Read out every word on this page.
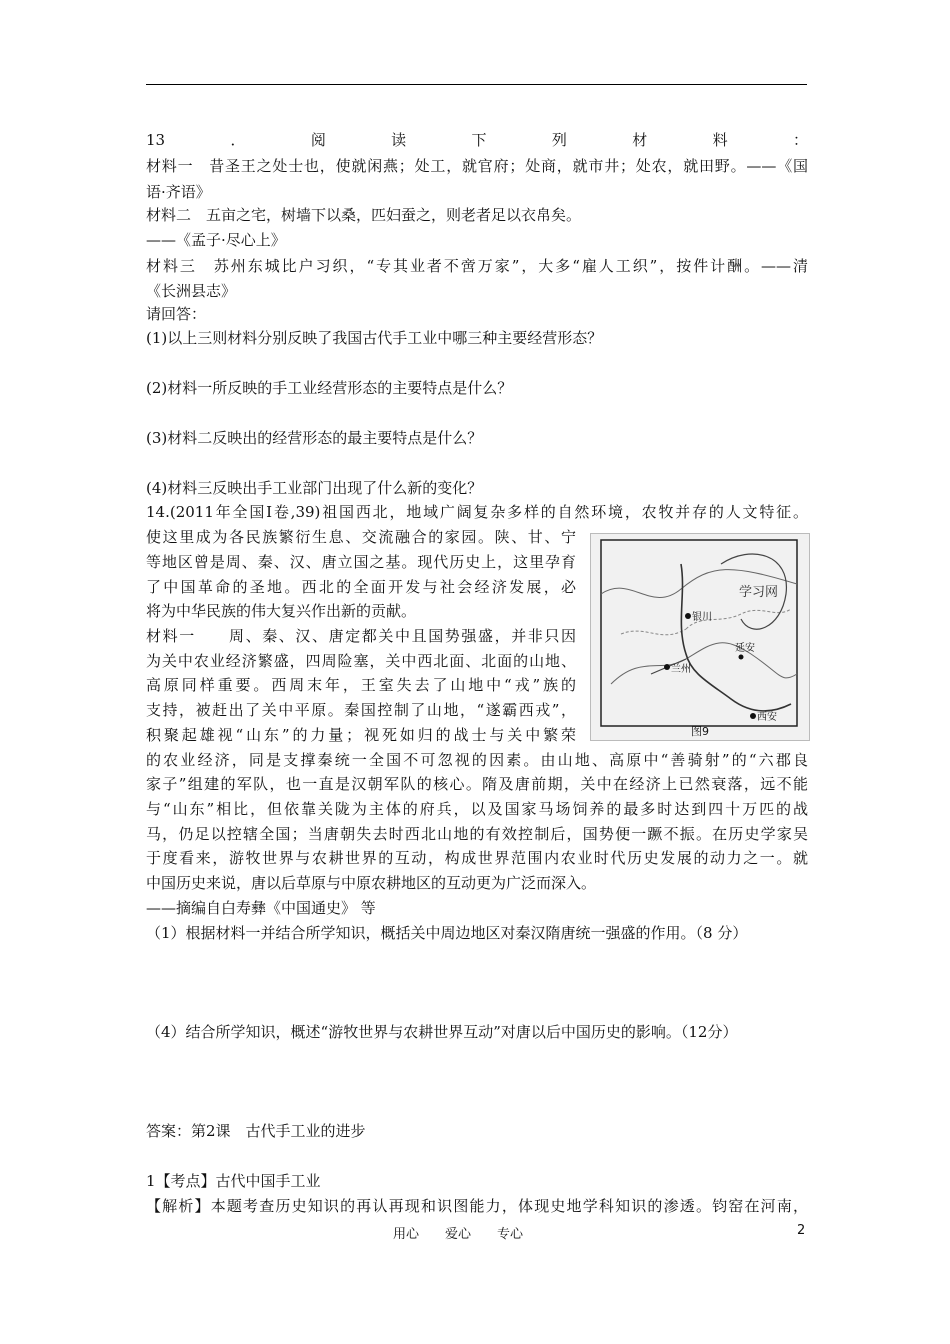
13．阅读下列材料：
材料一　昔圣王之处士也，使就闲燕；处工，就官府；处商，就市井；处农，就田野。——《国
语·齐语》
材料二　五亩之宅，树墙下以桑，匹妇蚕之，则老者足以衣帛矣。
——《孟子·尽心上》
材料三　苏州东城比户习织，“专其业者不啻万家”，大多“雇人工织”，按件计酬。——清
《长洲县志》
请回答：
(1)以上三则材料分别反映了我国古代手工业中哪三种主要经营形态？
(2)材料一所反映的手工业经营形态的主要特点是什么？
(3)材料二反映出的经营形态的最主要特点是什么？
(4)材料三反映出手工业部门出现了什么新的变化？
14.(2011年全国Ⅰ卷,39)祖国西北，地域广阔复杂多样的自然环境，农牧并存的人文特征。
使这里成为各民族繁衍生息、交流融合的家园。陕、甘、宁
等地区曾是周、秦、汉、唐立国之基。现代历史上，这里孕育
了中国革命的圣地。西北的全面开发与社会经济发展，必
将为中华民族的伟大复兴作出新的贡献。
材料一　　周、秦、汉、唐定都关中且国势强盛，并非只因
为关中农业经济繁盛，四周险塞，关中西北面、北面的山地、
高原同样重要。西周末年，王室失去了山地中“戎”族的
支持，被赶出了关中平原。秦国控制了山地，“遂霸西戎”，
积聚起雄视“山东”的力量；视死如归的战士与关中繁荣
的农业经济，同是支撑秦统一全国不可忽视的因素。由山地、高原中“善骑射”的“六郡良
家子”组建的军队，也一直是汉朝军队的核心。隋及唐前期，关中在经济上已然衰落，远不能
与“山东”相比，但依靠关陇为主体的府兵，以及国家马场饲养的最多时达到四十万匹的战
马，仍足以控辖全国；当唐朝失去时西北山地的有效控制后，国势便一蹶不振。在历史学家吴
于度看来，游牧世界与农耕世界的互动，构成世界范围内农业时代历史发展的动力之一。就
中国历史来说，唐以后草原与中原农耕地区的互动更为广泛而深入。
——摘编自白寿彝《中国通史》 等
（1）根据材料一并结合所学知识，概括关中周边地区对秦汉隋唐统一强盛的作用。（8 分）
（4）结合所学知识，概述“游牧世界与农耕世界互动”对唐以后中国历史的影响。（12分）
答案：第2课　古代手工业的进步
1【考点】古代中国手工业
【解析】本题考查历史知识的再认再现和识图能力，体现史地学科知识的渗透。钧窑在河南，
银川
延安
兰州
西安
学习网
图9
用心　　爱心　　专心	2
